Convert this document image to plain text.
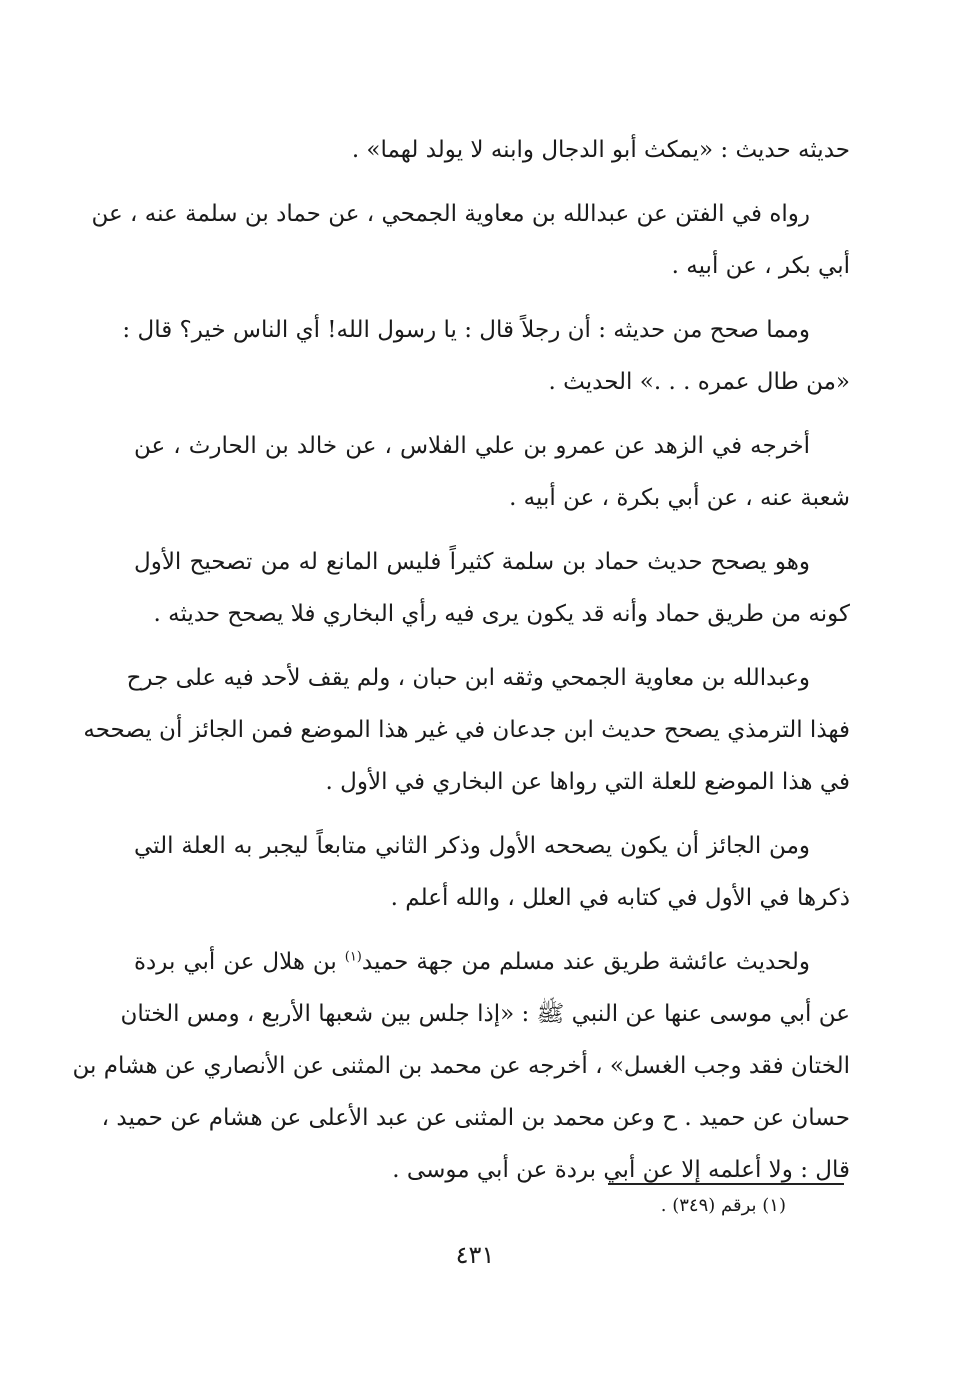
حديثه حديث : «يمكث أبو الدجال وابنه لا يولد لهما» .
رواه في الفتن عن عبدالله بن معاوية الجمحي ، عن حماد بن سلمة عنه ، عن
أبي بكر ، عن أبيه .
ومما صحح من حديثه : أن رجلاً قال : يا رسول الله! أي الناس خير؟ قال :
«من طال عمره . . .» الحديث .
أخرجه في الزهد عن عمرو بن علي الفلاس ، عن خالد بن الحارث ، عن
شعبة عنه ، عن أبي بكرة ، عن أبيه .
وهو يصحح حديث حماد بن سلمة كثيراً فليس المانع له من تصحيح الأول
كونه من طريق حماد وأنه قد يكون يرى فيه رأي البخاري فلا يصحح حديثه .
وعبدالله بن معاوية الجمحي وثقه ابن حبان ، ولم يقف لأحد فيه على جرح
فهذا الترمذي يصحح حديث ابن جدعان في غير هذا الموضع فمن الجائز أن يصححه
في هذا الموضع للعلة التي رواها عن البخاري في الأول .
ومن الجائز أن يكون يصححه الأول وذكر الثاني متابعاً ليجبر به العلة التي
ذكرها في الأول في كتابه في العلل ، والله أعلم .
ولحديث عائشة طريق عند مسلم من جهة حميد$^{(١)}$ بن هلال عن أبي بردة
عن أبي موسى عنها عن النبي ﷺ : «إذا جلس بين شعبها الأربع ، ومس الختان
الختان فقد وجب الغسل» ، أخرجه عن محمد بن المثنى عن الأنصاري عن هشام بن
حسان عن حميد . ح وعن محمد بن المثنى عن عبد الأعلى عن هشام عن حميد ،
قال : ولا أعلمه إلا عن أبي بردة عن أبي موسى .
(١) برقم (٣٤٩) .
٤٣١
